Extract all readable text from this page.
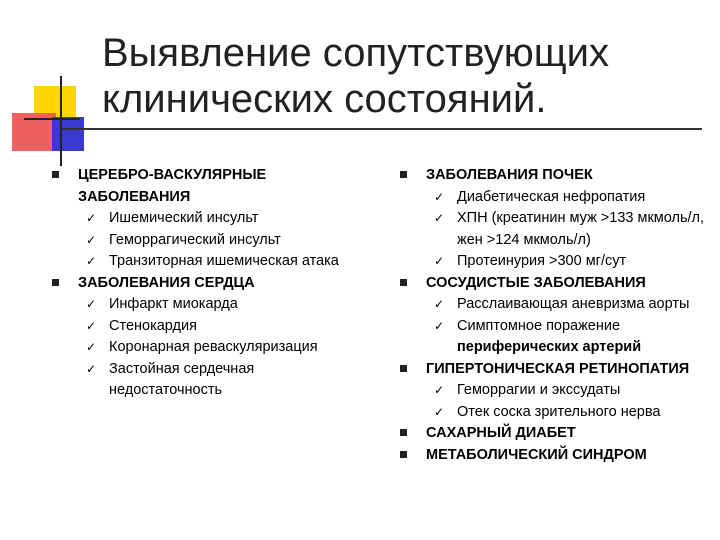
Выявление сопутствующих клинических состояний.
ЦЕРЕБРО-ВАСКУЛЯРНЫЕ ЗАБОЛЕВАНИЯ
✓ Ишемический инсульт
✓ Геморрагический инсульт
✓ Транзиторная ишемическая атака
ЗАБОЛЕВАНИЯ СЕРДЦА
✓ Инфаркт миокарда
✓ Стенокардия
✓ Коронарная реваскуляризация
✓ Застойная сердечная недостаточность
ЗАБОЛЕВАНИЯ ПОЧЕК
✓ Диабетическая нефропатия
✓ ХПН (креатинин муж >133 мкмоль/л, жен >124 мкмоль/л)
✓ Протеинурия >300 мг/сут
СОСУДИСТЫЕ ЗАБОЛЕВАНИЯ
✓ Расслаивающая аневризма аорты
✓ Симптомное поражение
периферических артерий
ГИПЕРТОНИЧЕСКАЯ РЕТИНОПАТИЯ
✓ Геморрагии и экссудаты
✓ Отек соска зрительного нерва
САХАРНЫЙ ДИАБЕТ
МЕТАБОЛИЧЕСКИЙ СИНДРОМ
